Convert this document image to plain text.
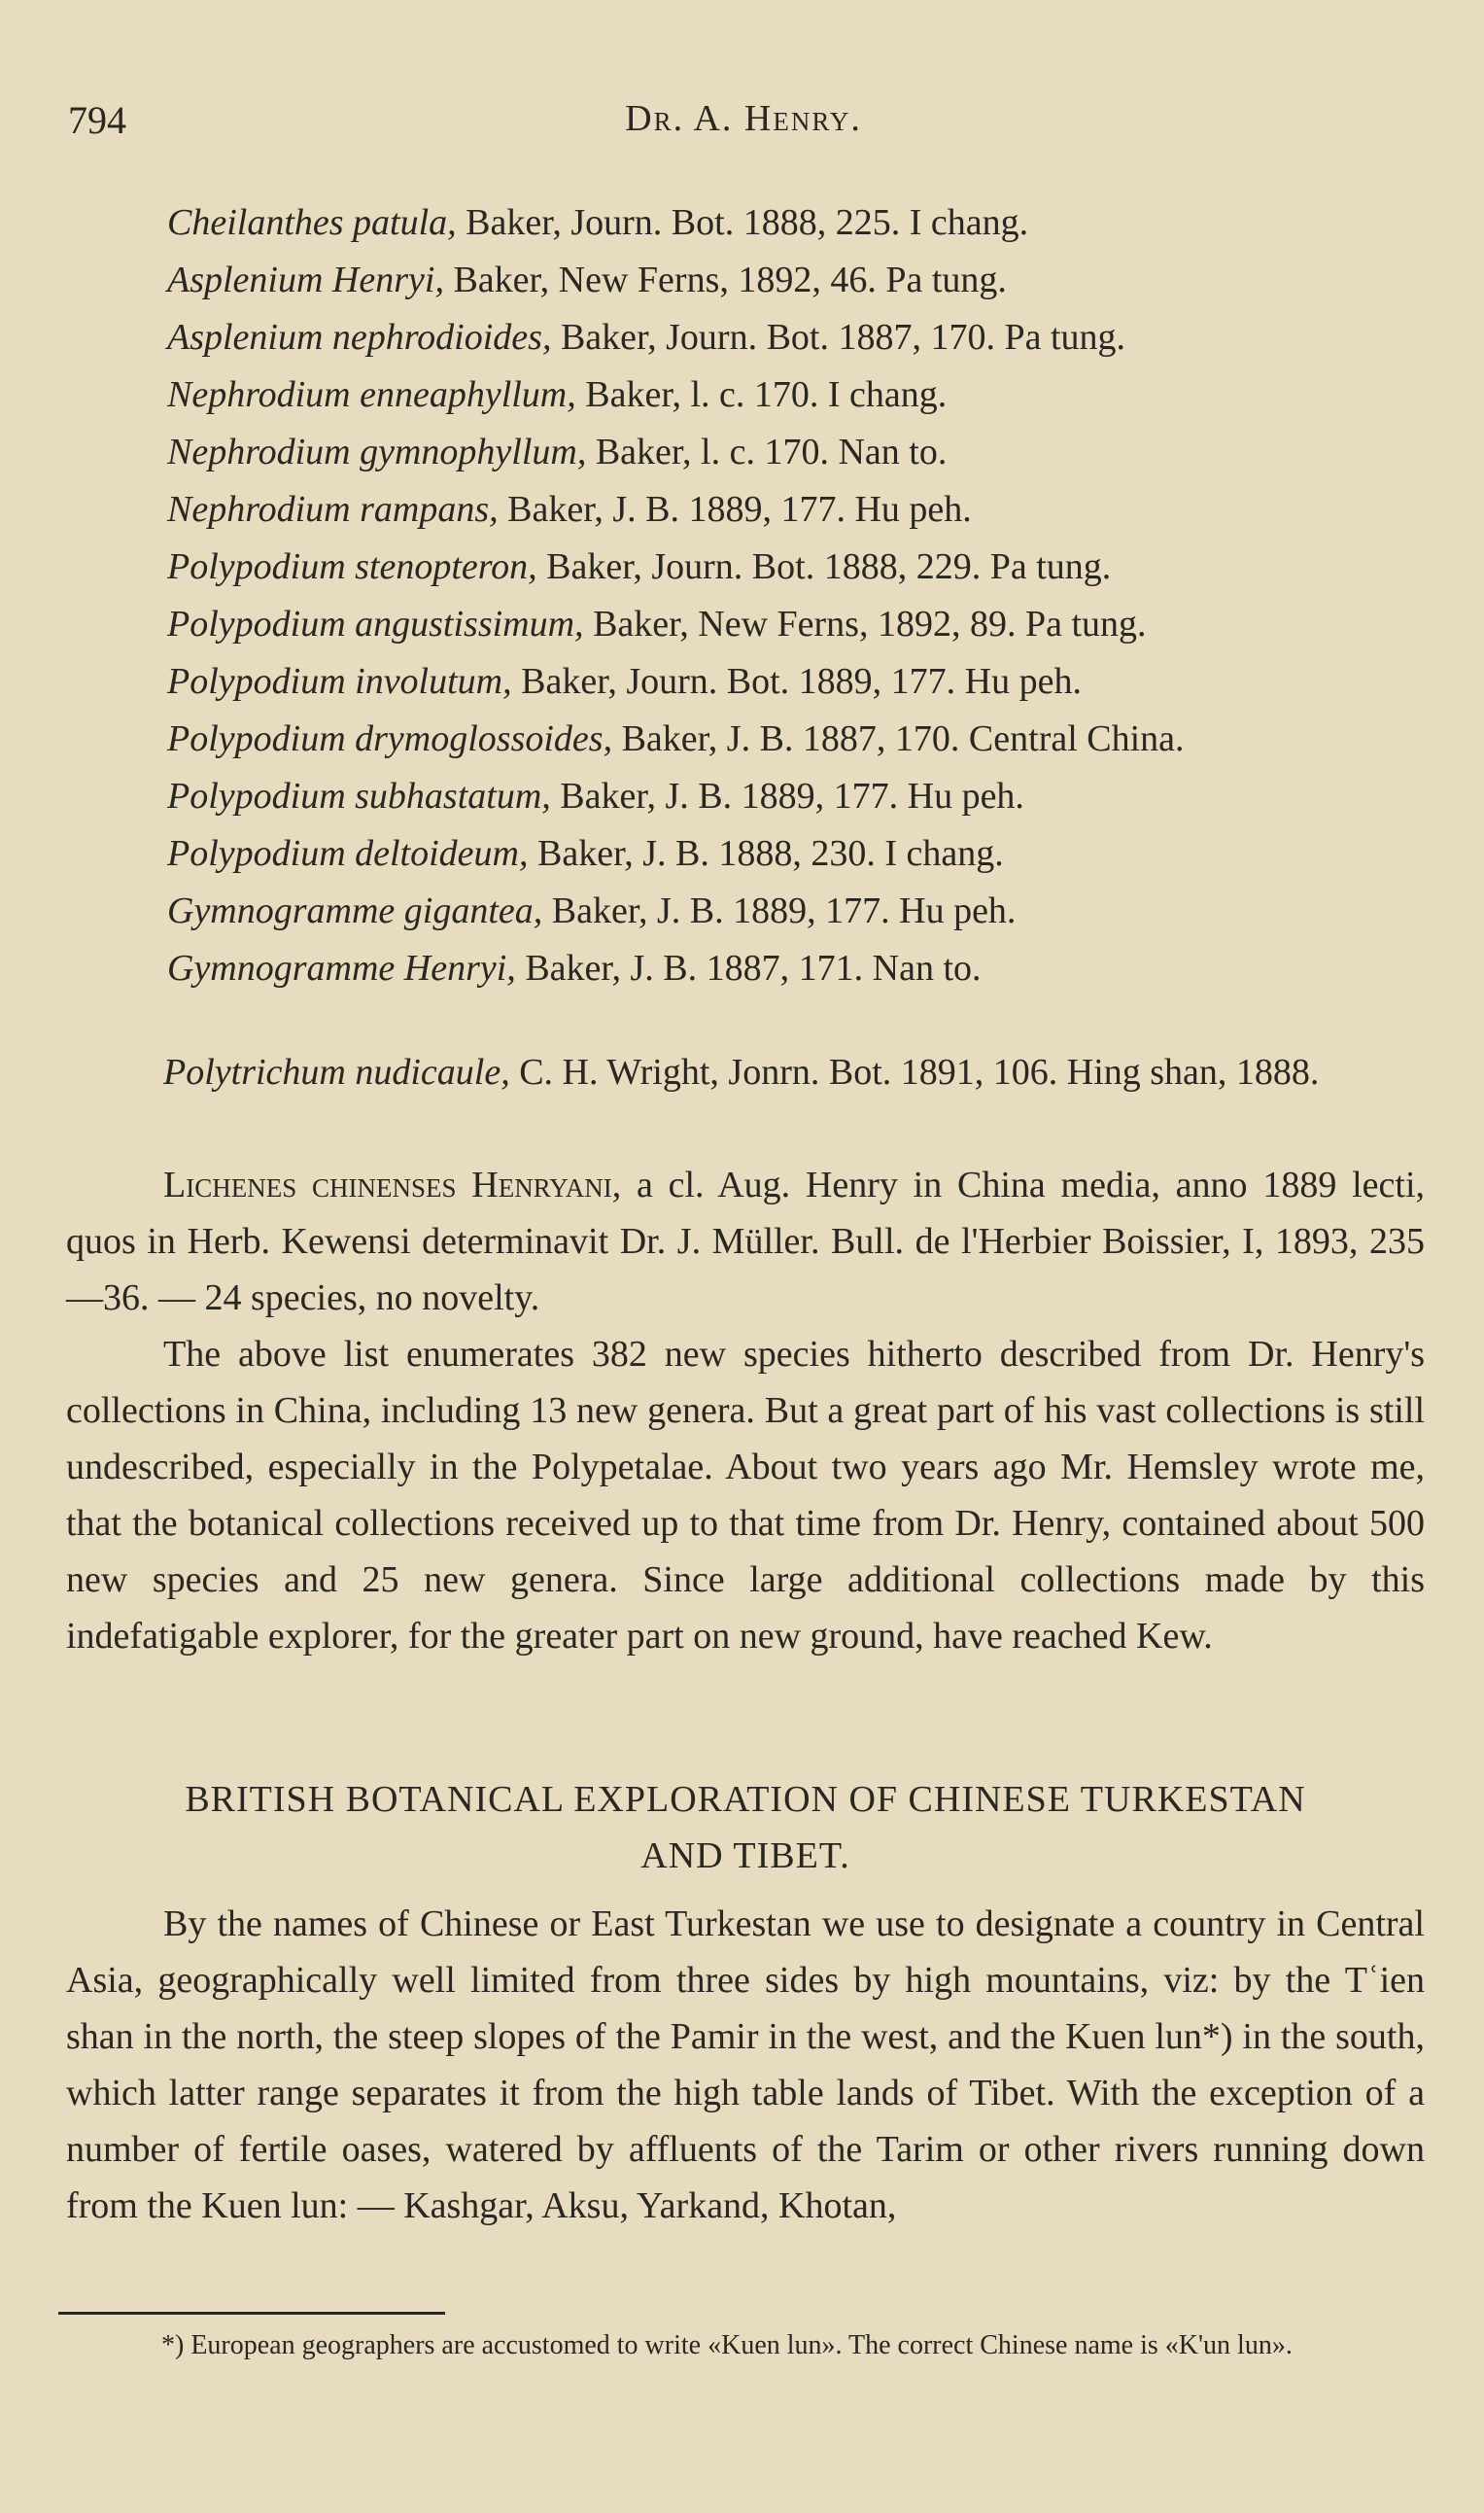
794	Dr. A. Henry.
Cheilanthes patula, Baker, Journ. Bot. 1888, 225. I chang.
Asplenium Henryi, Baker, New Ferns, 1892, 46. Pa tung.
Asplenium nephrodioides, Baker, Journ. Bot. 1887, 170. Pa tung.
Nephrodium enneaphyllum, Baker, l. c. 170. I chang.
Nephrodium gymnophyllum, Baker, l. c. 170. Nan to.
Nephrodium rampans, Baker, J. B. 1889, 177. Hu peh.
Polypodium stenopteron, Baker, Journ. Bot. 1888, 229. Pa tung.
Polypodium angustissimum, Baker, New Ferns, 1892, 89. Pa tung.
Polypodium involutum, Baker, Journ. Bot. 1889, 177. Hu peh.
Polypodium drymoglossoides, Baker, J. B. 1887, 170. Central China.
Polypodium subhastatum, Baker, J. B. 1889, 177. Hu peh.
Polypodium deltoideum, Baker, J. B. 1888, 230. I chang.
Gymnogramme gigantea, Baker, J. B. 1889, 177. Hu peh.
Gymnogramme Henryi, Baker, J. B. 1887, 171. Nan to.

Polytrichum nudicaule, C. H. Wright, Jonrn. Bot. 1891, 106. Hing shan, 1888.

Lichenes chinenses Henryani, a cl. Aug. Henry in China media, anno 1889 lecti, quos in Herb. Kewensi determinavit Dr. J. Müller. Bull. de l'Herbier Boissier, I, 1893, 235—36. — 24 species, no novelty.

The above list enumerates 382 new species hitherto described from Dr. Henry's collections in China, including 13 new genera. But a great part of his vast collections is still undescribed, especially in the Polypetalae. About two years ago Mr. Hemsley wrote me, that the botanical collections received up to that time from Dr. Henry, contained about 500 new species and 25 new genera. Since large additional collections made by this indefatigable explorer, for the greater part on new ground, have reached Kew.

BRITISH BOTANICAL EXPLORATION OF CHINESE TURKESTAN
AND TIBET.

By the names of Chinese or East Turkestan we use to designate a country in Central Asia, geographically well limited from three sides by high mountains, viz: by the Tʿien shan in the north, the steep slopes of the Pamir in the west, and the Kuen lun*) in the south, which latter range separates it from the high table lands of Tibet. With the exception of a number of fertile oases, watered by affluents of the Tarim or other rivers running down from the Kuen lun: — Kashgar, Aksu, Yarkand, Khotan,

*) European geographers are accustomed to write «Kuen lun». The correct Chinese name is «K'un lun».
